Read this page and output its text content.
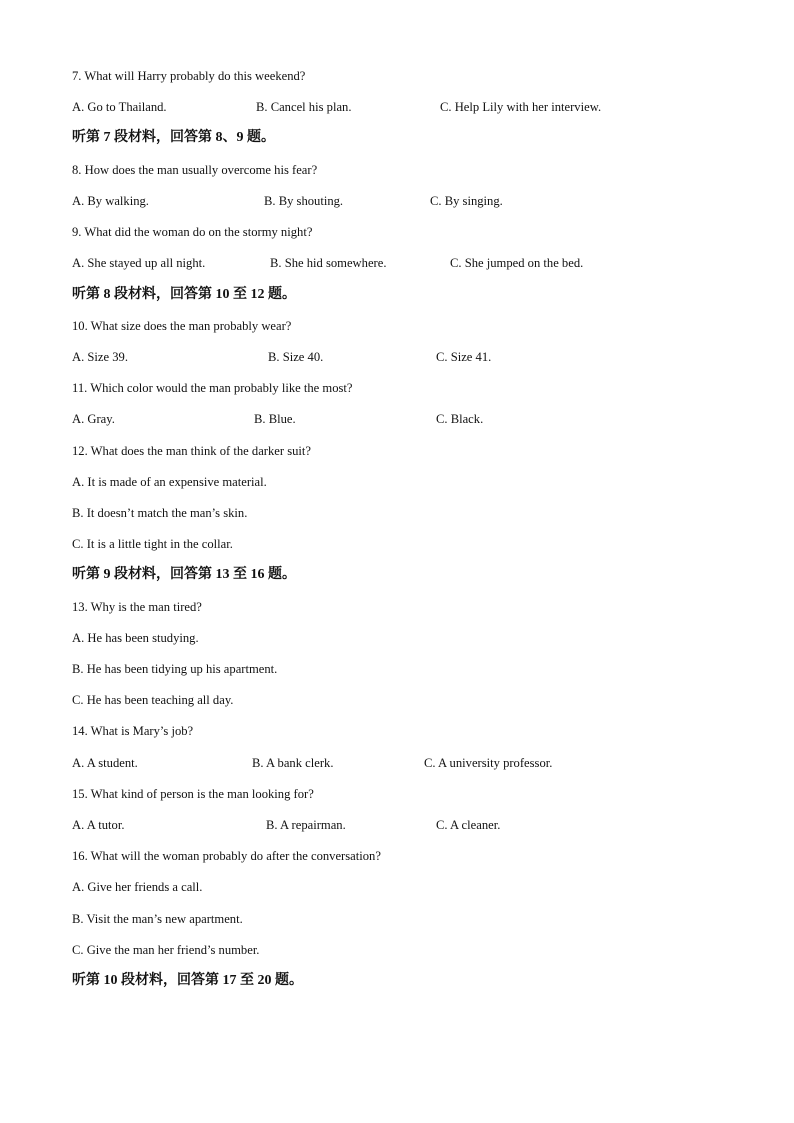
7. What will Harry probably do this weekend?
A. Go to Thailand.	B. Cancel his plan.	C. Help Lily with her interview.
听第 7 段材料，回答第 8、9 题。
8. How does the man usually overcome his fear?
A. By walking.	B. By shouting.	C. By singing.
9. What did the woman do on the stormy night?
A. She stayed up all night.	B. She hid somewhere.	C. She jumped on the bed.
听第 8 段材料，回答第 10 至 12 题。
10. What size does the man probably wear?
A. Size 39.	B. Size 40.	C. Size 41.
11. Which color would the man probably like the most?
A. Gray.	B. Blue.	C. Black.
12. What does the man think of the darker suit?
A. It is made of an expensive material.
B. It doesn’t match the man’s skin.
C. It is a little tight in the collar.
听第 9 段材料，回答第 13 至 16 题。
13. Why is the man tired?
A. He has been studying.
B. He has been tidying up his apartment.
C. He has been teaching all day.
14. What is Mary’s job?
A. A student.	B. A bank clerk.	C. A university professor.
15. What kind of person is the man looking for?
A. A tutor.	B. A repairman.	C. A cleaner.
16. What will the woman probably do after the conversation?
A. Give her friends a call.
B. Visit the man’s new apartment.
C. Give the man her friend’s number.
听第 10 段材料，回答第 17 至 20 题。
